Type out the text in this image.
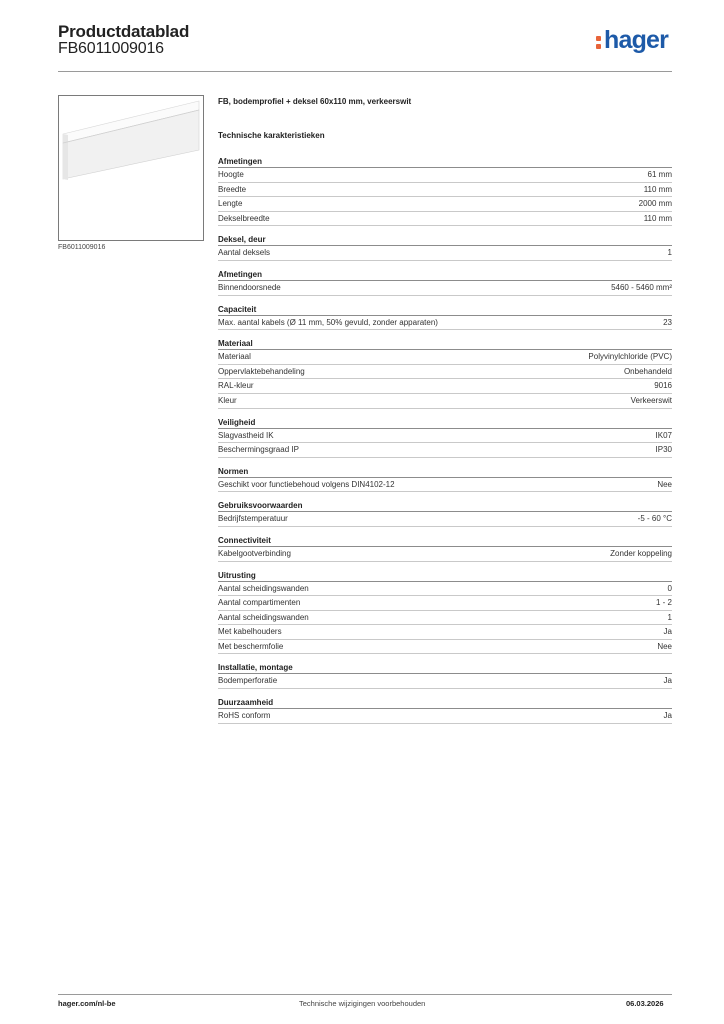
Productdatablad
FB6011009016	hager
FB6011009016
FB, bodemprofiel + deksel 60x110 mm, verkeerswit
Technische karakteristieken
Afmetingen
Hoogte	61 mm
Breedte	110 mm
Lengte	2000 mm
Dekselbreedte	110 mm
Deksel, deur
Aantal deksels	1
Afmetingen
Binnendoorsnede	5460 - 5460 mm²
Capaciteit
Max. aantal kabels (Ø 11 mm, 50% gevuld, zonder apparaten)	23
Materiaal
Materiaal	Polyvinylchloride (PVC)
Oppervlaktebehandeling	Onbehandeld
RAL-kleur	9016
Kleur	Verkeerswit
Veiligheid
Slagvastheid IK	IK07
Beschermingsgraad IP	IP30
Normen
Geschikt voor functiebehoud volgens DIN4102-12	Nee
Gebruiksvoorwaarden
Bedrijfstemperatuur	-5 - 60 °C
Connectiviteit
Kabelgootverbinding	Zonder koppeling
Uitrusting
Aantal scheidingswanden	0
Aantal compartimenten	1 - 2
Aantal scheidingswanden	1
Met kabelhouders	Ja
Met beschermfolie	Nee
Installatie, montage
Bodemperforatie	Ja
Duurzaamheid
RoHS conform	Ja
hager.com/nl-be	Technische wijzigingen voorbehouden	06.03.2026
